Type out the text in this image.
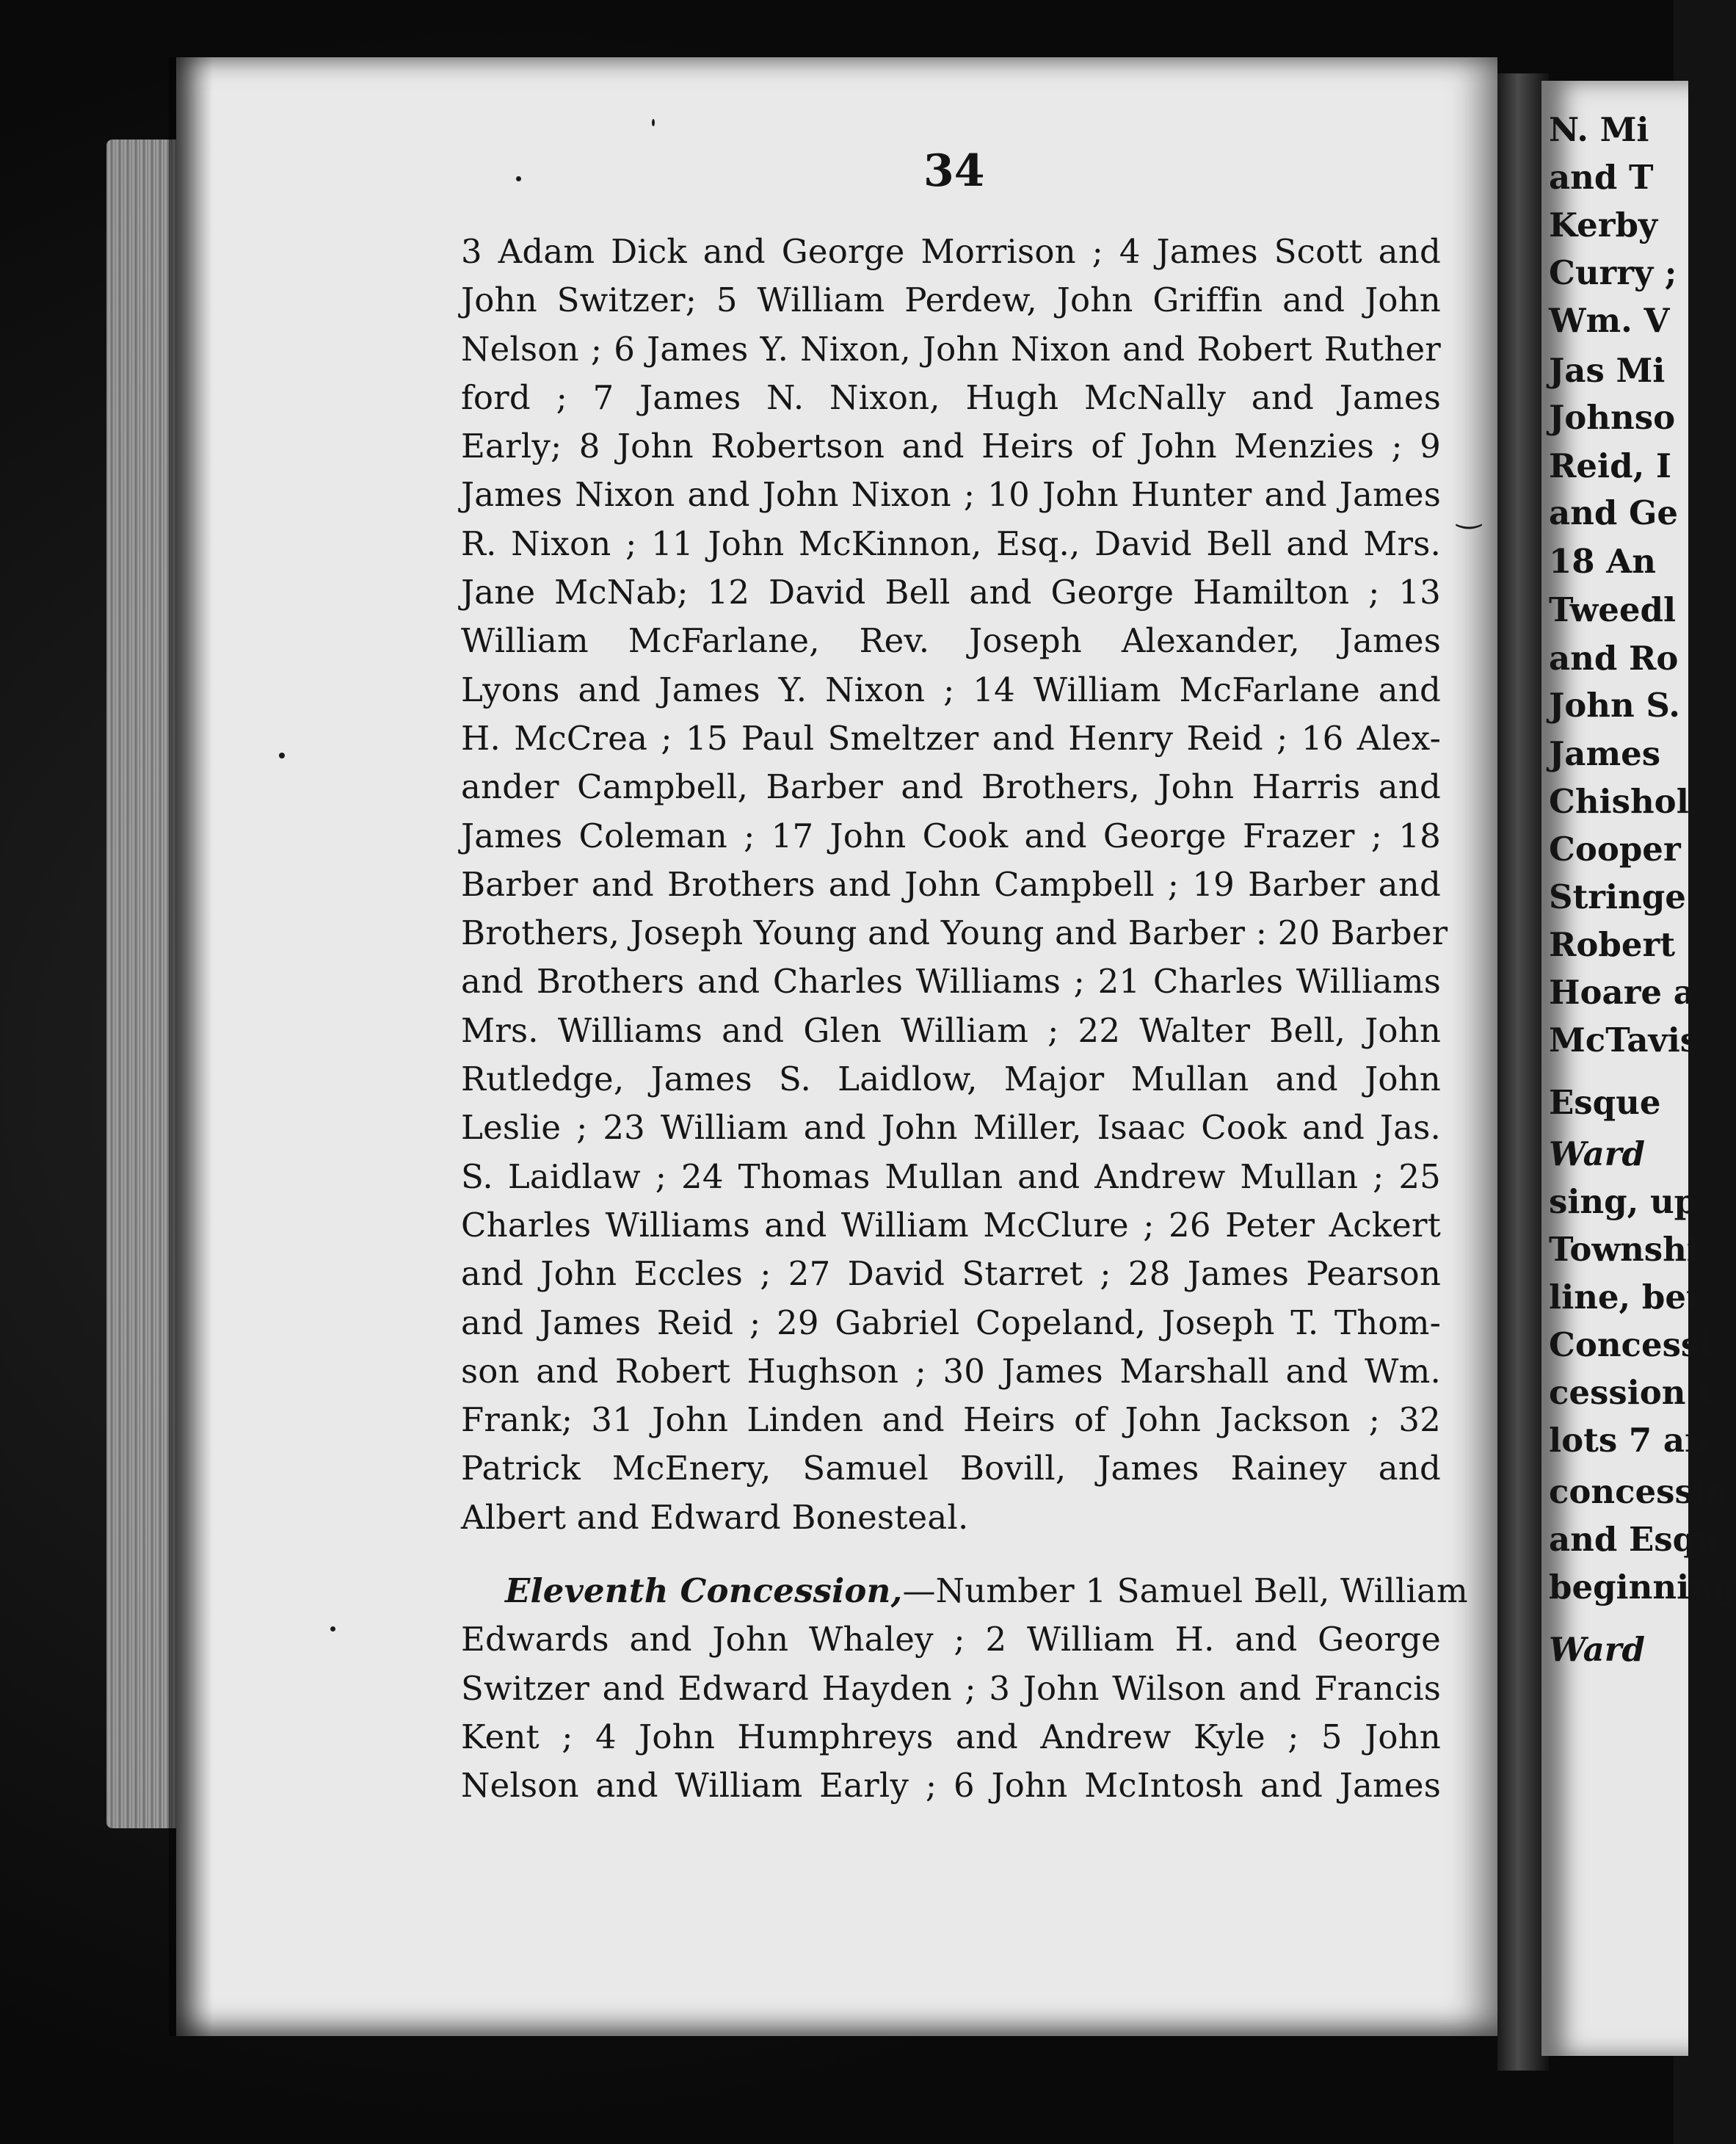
N. Mi
and T
Kerby
Curry ;
Wm. V
Jas Mi
Johnso
Reid, I
and Ge
18 An
Tweedl
and Ro
John S.
James
Chishol
Cooper
Stringe
Robert
Hoare a
McTavis
Esque
Ward
sing, up
Townshi
line, bet
Concessi
cession t
lots 7 an
concessio
and Esqu
beginning
Ward
34
3 Adam Dick and George Morrison ; 4 James Scott and
John Switzer; 5 William Perdew, John Griffin and John
Nelson ; 6 James Y. Nixon, John Nixon and Robert Ruther
ford ; 7 James N. Nixon, Hugh McNally and James
Early; 8 John Robertson and Heirs of John Menzies ; 9
James Nixon and John Nixon ; 10 John Hunter and James
R. Nixon ; 11 John McKinnon, Esq., David Bell and Mrs.
Jane McNab; 12 David Bell and George Hamilton ; 13
William McFarlane, Rev. Joseph Alexander, James
Lyons and James Y. Nixon ; 14 William McFarlane and
H. McCrea ; 15 Paul Smeltzer and Henry Reid ; 16 Alex-
ander Campbell, Barber and Brothers, John Harris and
James Coleman ; 17 John Cook and George Frazer ; 18
Barber and Brothers and John Campbell ; 19 Barber and
Brothers, Joseph Young and Young and Barber : 20 Barber
and Brothers and Charles Williams ; 21 Charles Williams
Mrs. Williams and Glen William ; 22 Walter Bell, John
Rutledge, James S. Laidlow, Major Mullan and John
Leslie ; 23 William and John Miller, Isaac Cook and Jas.
S. Laidlaw ; 24 Thomas Mullan and Andrew Mullan ; 25
Charles Williams and William McClure ; 26 Peter Ackert
and John Eccles ; 27 David Starret ; 28 James Pearson
and James Reid ; 29 Gabriel Copeland, Joseph T. Thom-
son and Robert Hughson ; 30 James Marshall and Wm.
Frank; 31 John Linden and Heirs of John Jackson ; 32
Patrick McEnery, Samuel Bovill, James Rainey and
Albert and Edward Bonesteal.
Eleventh Concession,—Number 1 Samuel Bell, William
Edwards and John Whaley ; 2 William H. and George
Switzer and Edward Hayden ; 3 John Wilson and Francis
Kent ; 4 John Humphreys and Andrew Kyle ; 5 John
Nelson and William Early ; 6 John McIntosh and James
‿
